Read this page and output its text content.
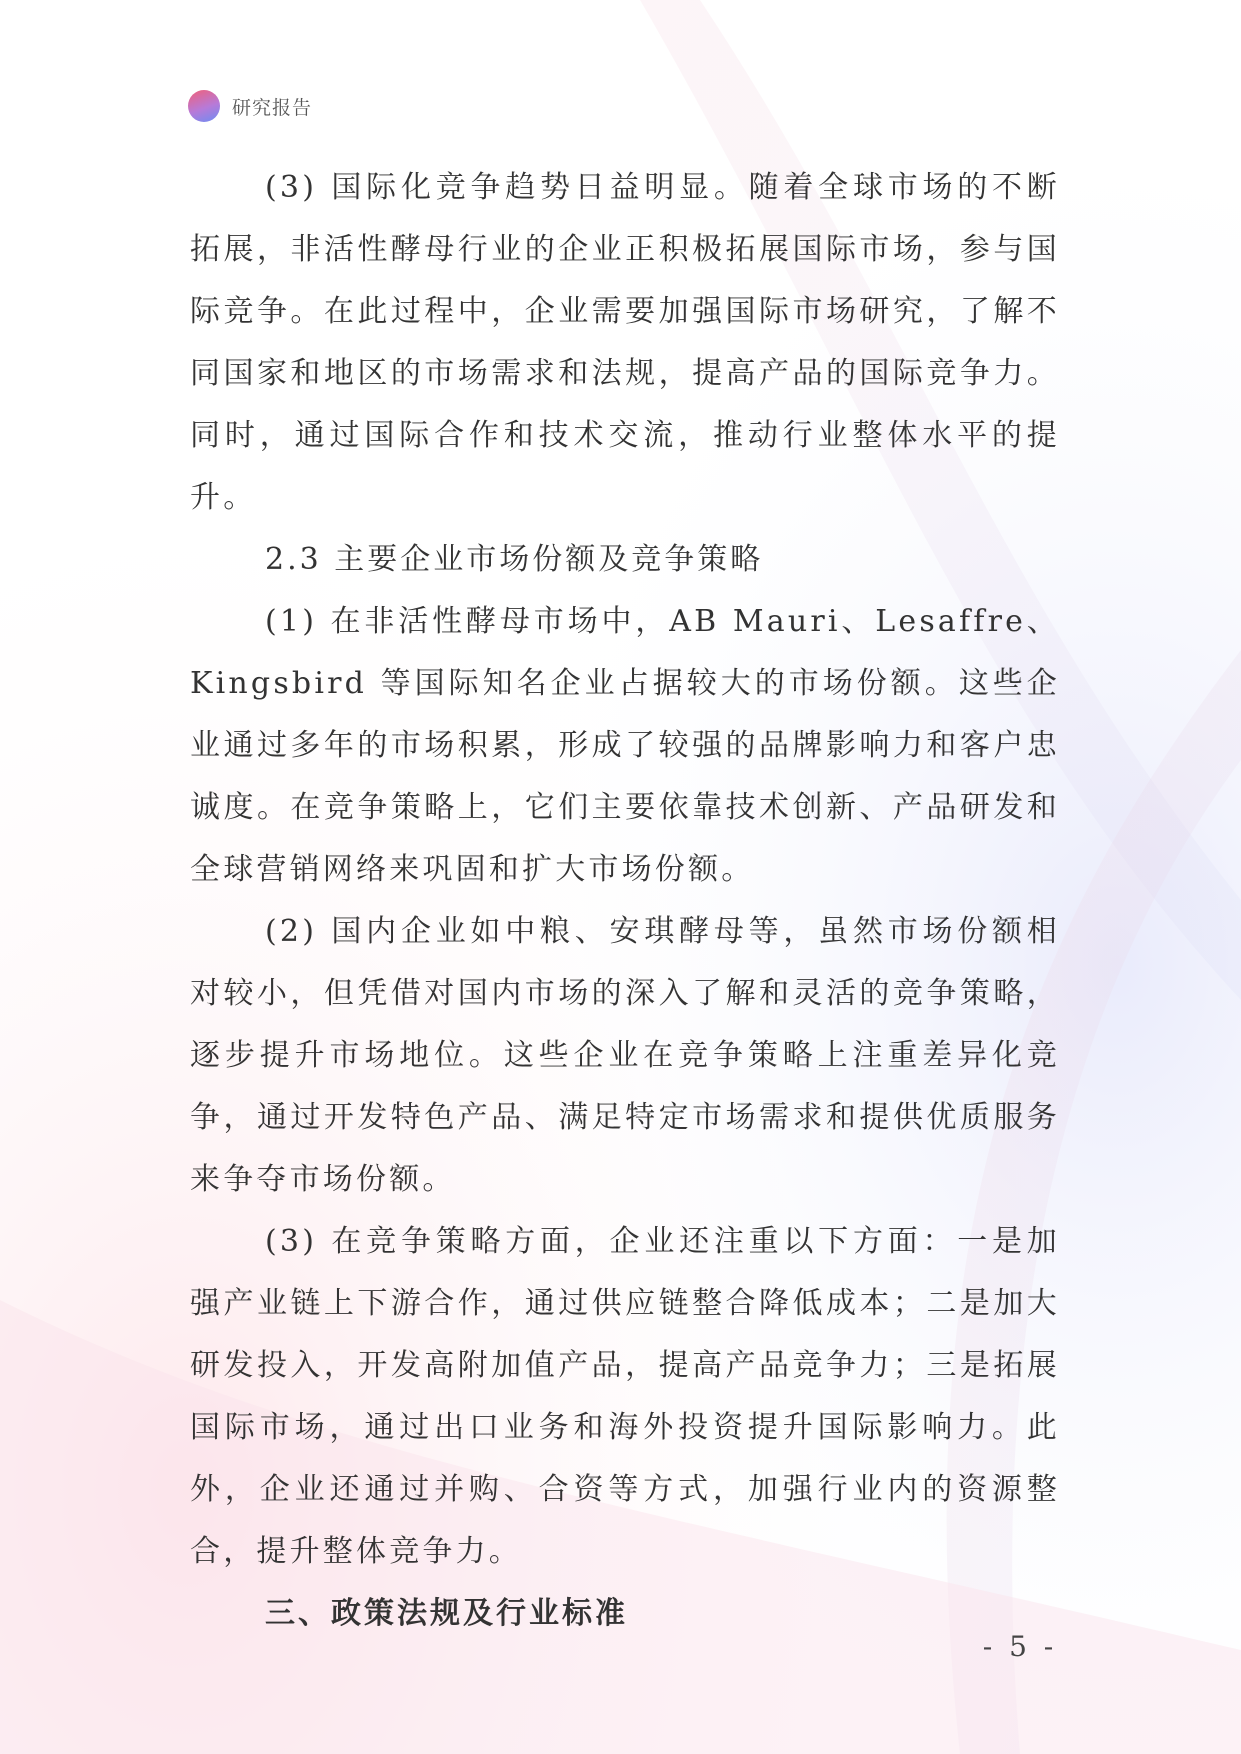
研究报告

(3) 国际化竞争趋势日益明显。随着全球市场的不断拓展，非活性酵母行业的企业正积极拓展国际市场，参与国际竞争。在此过程中，企业需要加强国际市场研究，了解不同国家和地区的市场需求和法规，提高产品的国际竞争力。同时，通过国际合作和技术交流，推动行业整体水平的提升。

2.3 主要企业市场份额及竞争策略

(1) 在非活性酵母市场中，AB Mauri、Lesaffre、Kingsbird 等国际知名企业占据较大的市场份额。这些企业通过多年的市场积累，形成了较强的品牌影响力和客户忠诚度。在竞争策略上，它们主要依靠技术创新、产品研发和全球营销网络来巩固和扩大市场份额。

(2) 国内企业如中粮、安琪酵母等，虽然市场份额相对较小，但凭借对国内市场的深入了解和灵活的竞争策略，逐步提升市场地位。这些企业在竞争策略上注重差异化竞争，通过开发特色产品、满足特定市场需求和提供优质服务来争夺市场份额。

(3) 在竞争策略方面，企业还注重以下方面：一是加强产业链上下游合作，通过供应链整合降低成本；二是加大研发投入，开发高附加值产品，提高产品竞争力；三是拓展国际市场，通过出口业务和海外投资提升国际影响力。此外，企业还通过并购、合资等方式，加强行业内的资源整合，提升整体竞争力。

三、政策法规及行业标准

- 5 -
